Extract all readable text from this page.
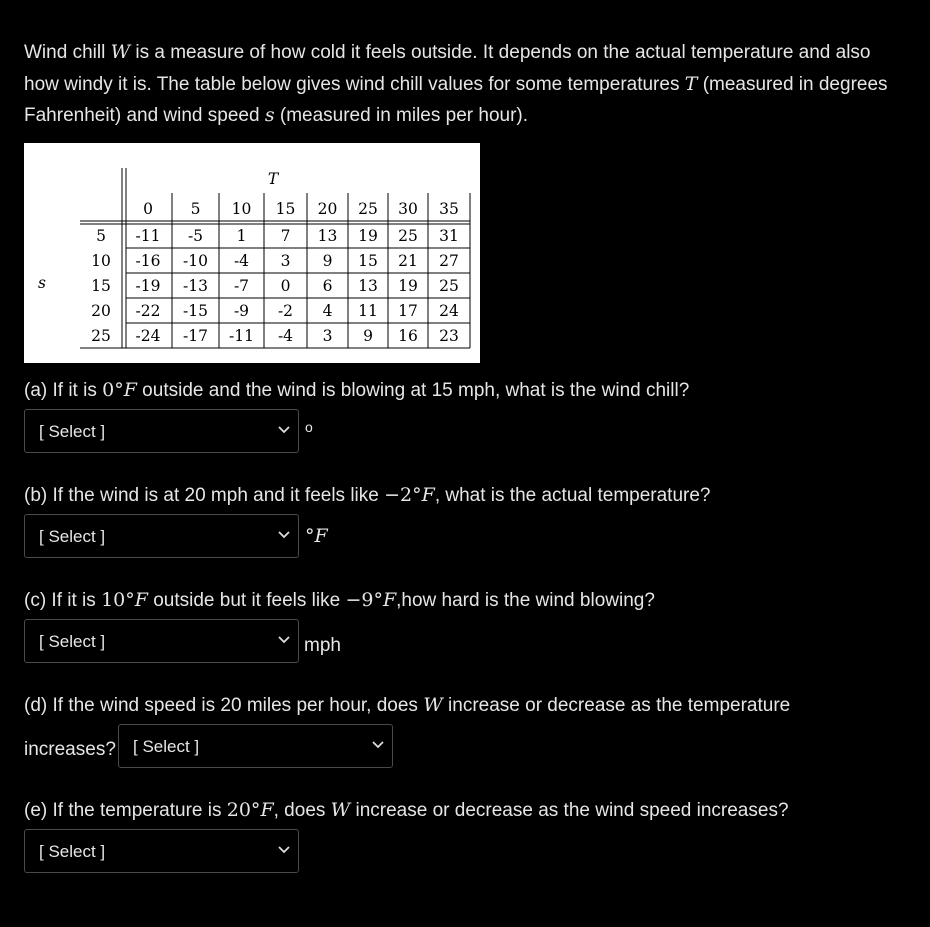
Wind chill W is a measure of how cold it feels outside. It depends on the actual temperature and also how windy it is. The table below gives wind chill values for some temperatures T (measured in degrees Fahrenheit) and wind speed s (measured in miles per hour).
T
s
0 5 10 15 20 25 30 35
5 -11 -5 1 7 13 19 25 31
10 -16 -10 -4 3 9 15 21 27
15 -19 -13 -7 0 6 13 19 25
20 -22 -15 -9 -2 4 11 17 24
25 -24 -17 -11 -4 3 9 16 23
(a) If it is 0°F outside and the wind is blowing at 15 mph, what is the wind chill?
[ Select ]	o
(b) If the wind is at 20 mph and it feels like −2°F, what is the actual temperature?
[ Select ]	°F
(c) If it is 10°F outside but it feels like −9°F,how hard is the wind blowing?
[ Select ]	mph
(d) If the wind speed is 20 miles per hour, does W increase or decrease as the temperature
increases? [ Select ]
(e) If the temperature is 20°F, does W increase or decrease as the wind speed increases?
[ Select ]
